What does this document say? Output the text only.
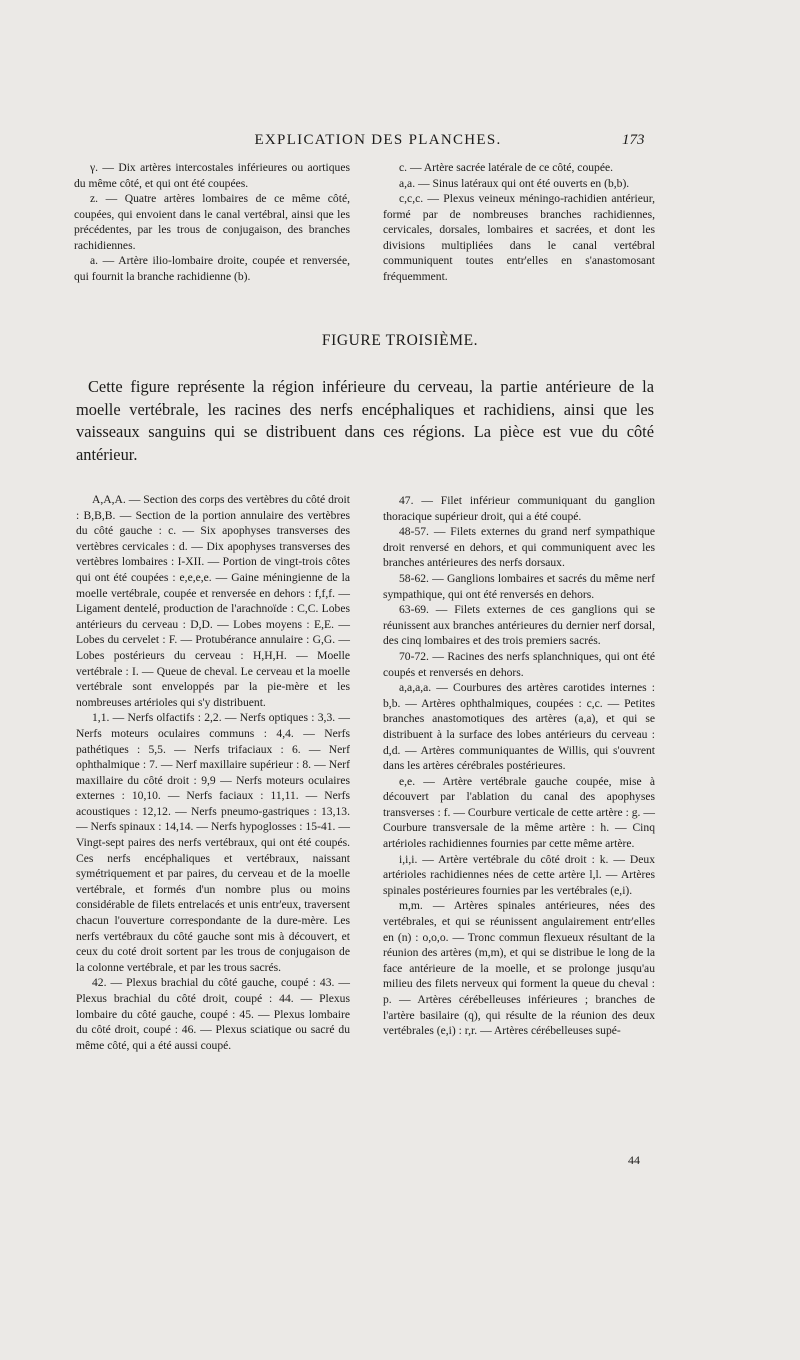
EXPLICATION DES PLANCHES.	173

γ. — Dix artères intercostales inférieures ou aortiques du même côté, et qui ont été coupées.

z. — Quatre artères lombaires de ce même côté, coupées, qui envoient dans le canal vertébral, ainsi que les précédentes, par les trous de conjugaison, des branches rachidiennes.

a. — Artère ilio-lombaire droite, coupée et renversée, qui fournit la branche rachidienne (b).

c. — Artère sacrée latérale de ce côté, coupée.

a,a. — Sinus latéraux qui ont été ouverts en (b,b).

c,c,c. — Plexus veineux méningo-rachidien antérieur, formé par de nombreuses branches rachidiennes, cervicales, dorsales, lombaires et sacrées, et dont les divisions multipliées dans le canal vertébral communiquent toutes entr'elles en s'anastomosant fréquemment.

FIGURE TROISIÈME.

Cette figure représente la région inférieure du cerveau, la partie antérieure de la moelle vertébrale, les racines des nerfs encéphaliques et rachidiens, ainsi que les vaisseaux sanguins qui se distribuent dans ces régions. La pièce est vue du côté antérieur.

A,A,A. — Section des corps des vertèbres du côté droit : B,B,B. — Section de la portion annulaire des vertèbres du côté gauche : c. — Six apophyses transverses des vertèbres cervicales : d. — Dix apophyses transverses des vertèbres lombaires : I-XII. — Portion de vingt-trois côtes qui ont été coupées : e,e,e,e. — Gaine méningienne de la moelle vertébrale, coupée et renversée en dehors : f,f,f. — Ligament dentelé, production de l'arachnoïde : C,C. Lobes antérieurs du cerveau : D,D. — Lobes moyens : E,E. — Lobes du cervelet : F. — Protubérance annulaire : G,G. — Lobes postérieurs du cerveau : H,H,H. — Moelle vertébrale : I. — Queue de cheval. Le cerveau et la moelle vertébrale sont enveloppés par la pie-mère et les nombreuses artérioles qui s'y distribuent.

1,1. — Nerfs olfactifs : 2,2. — Nerfs optiques : 3,3. — Nerfs moteurs oculaires communs : 4,4. — Nerfs pathétiques : 5,5. — Nerfs trifaciaux : 6. — Nerf ophthalmique : 7. — Nerf maxillaire supérieur : 8. — Nerf maxillaire du côté droit : 9,9 — Nerfs moteurs oculaires externes : 10,10. — Nerfs faciaux : 11,11. — Nerfs acoustiques : 12,12. — Nerfs pneumo-gastriques : 13,13. — Nerfs spinaux : 14,14. — Nerfs hypoglosses : 15-41. — Vingt-sept paires des nerfs vertébraux, qui ont été coupés. Ces nerfs encéphaliques et vertébraux, naissant symétriquement et par paires, du cerveau et de la moelle vertébrale, et formés d'un nombre plus ou moins considérable de filets entrelacés et unis entr'eux, traversent chacun l'ouverture correspondante de la dure-mère. Les nerfs vertébraux du côté gauche sont mis à découvert, et ceux du coté droit sortent par les trous de conjugaison de la colonne vertébrale, et par les trous sacrés.

42. — Plexus brachial du côté gauche, coupé : 43. — Plexus brachial du côté droit, coupé : 44. — Plexus lombaire du côté gauche, coupé : 45. — Plexus lombaire du côté droit, coupé : 46. — Plexus sciatique ou sacré du même côté, qui a été aussi coupé.

47. — Filet inférieur communiquant du ganglion thoracique supérieur droit, qui a été coupé.

48-57. — Filets externes du grand nerf sympathique droit renversé en dehors, et qui communiquent avec les branches antérieures des nerfs dorsaux.

58-62. — Ganglions lombaires et sacrés du même nerf sympathique, qui ont été renversés en dehors.

63-69. — Filets externes de ces ganglions qui se réunissent aux branches antérieures du dernier nerf dorsal, des cinq lombaires et des trois premiers sacrés.

70-72. — Racines des nerfs splanchniques, qui ont été coupés et renversés en dehors.

a,a,a,a. — Courbures des artères carotides internes : b,b. — Artères ophthalmiques, coupées : c,c. — Petites branches anastomotiques des artères (a,a), et qui se distribuent à la surface des lobes antérieurs du cerveau : d,d. — Artères communiquantes de Willis, qui s'ouvrent dans les artères cérébrales postérieures.

e,e. — Artère vertébrale gauche coupée, mise à découvert par l'ablation du canal des apophyses transverses : f. — Courbure verticale de cette artère : g. — Courbure transversale de la même artère : h. — Cinq artérioles rachidiennes fournies par cette même artère.

i,i,i. — Artère vertébrale du côté droit : k. — Deux artérioles rachidiennes nées de cette artère l,l. — Artères spinales postérieures fournies par les vertébrales (e,i).

m,m. — Artères spinales antérieures, nées des vertébrales, et qui se réunissent angulairement entr'elles en (n) : o,o,o. — Tronc commun flexueux résultant de la réunion des artères (m,m), et qui se distribue le long de la face antérieure de la moelle, et se prolonge jusqu'au milieu des filets nerveux qui forment la queue du cheval : p. — Artères cérébelleuses inférieures ; branches de l'artère basilaire (q), qui résulte de la réunion des deux vertébrales (e,i) : r,r. — Artères cérébelleuses supé-

44
